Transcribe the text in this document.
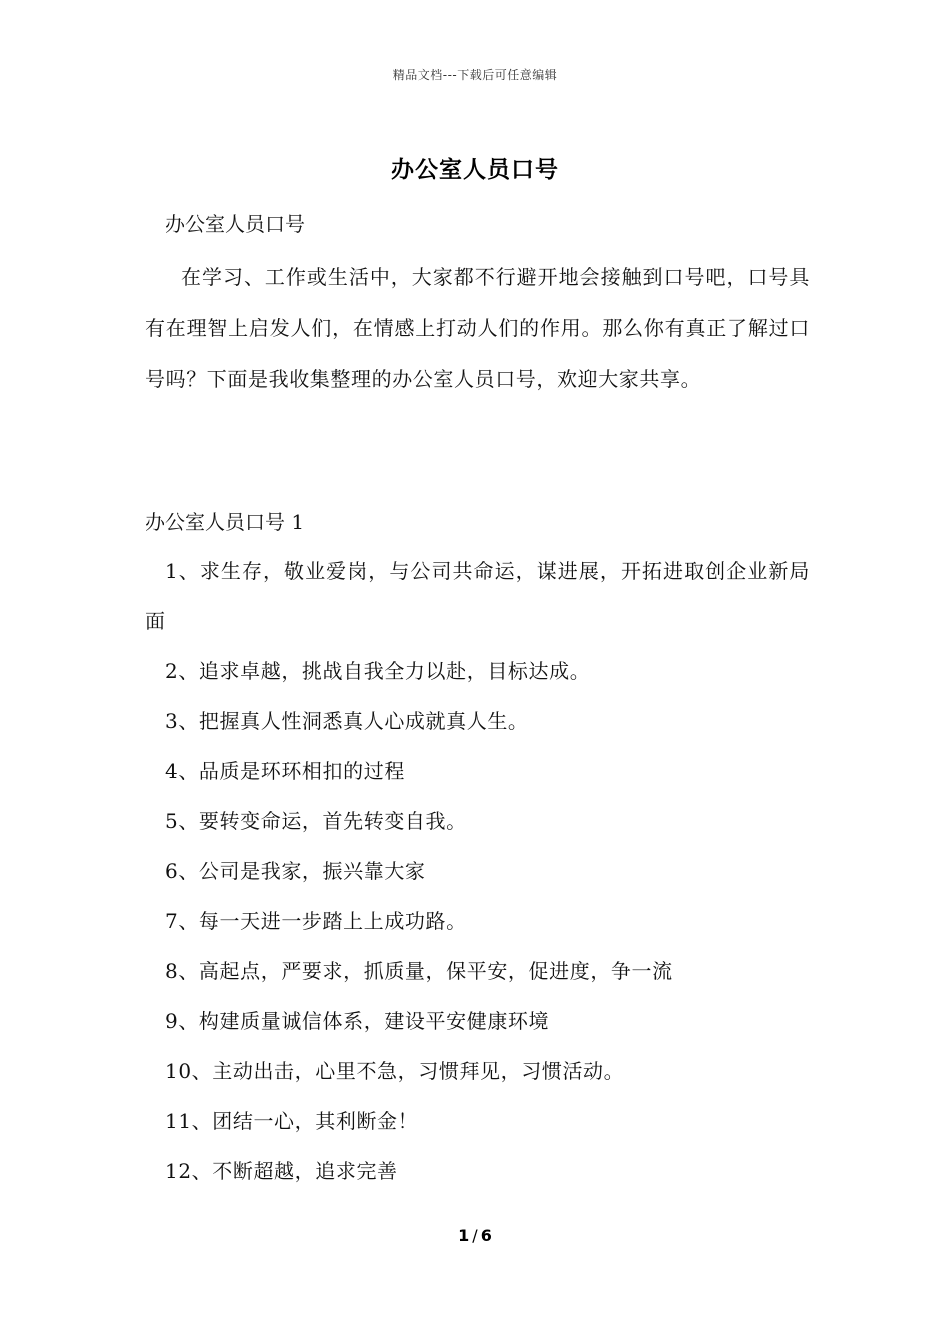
精品文档---下载后可任意编辑
办公室人员口号
办公室人员口号
在学习、工作或生活中，大家都不行避开地会接触到口号吧，口号具有在理智上启发人们，在情感上打动人们的作用。那么你有真正了解过口号吗？下面是我收集整理的办公室人员口号，欢迎大家共享。
办公室人员口号 1
1、求生存，敬业爱岗，与公司共命运，谋进展，开拓进取创企业新局面
2、追求卓越，挑战自我全力以赴，目标达成。
3、把握真人性洞悉真人心成就真人生。
4、品质是环环相扣的过程
5、要转变命运，首先转变自我。
6、公司是我家，振兴靠大家
7、每一天进一步踏上上成功路。
8、高起点，严要求，抓质量，保平安，促进度，争一流
9、构建质量诚信体系，建设平安健康环境
10、主动出击，心里不急，习惯拜见，习惯活动。
11、团结一心，其利断金！
12、不断超越，追求完善
1 / 6
